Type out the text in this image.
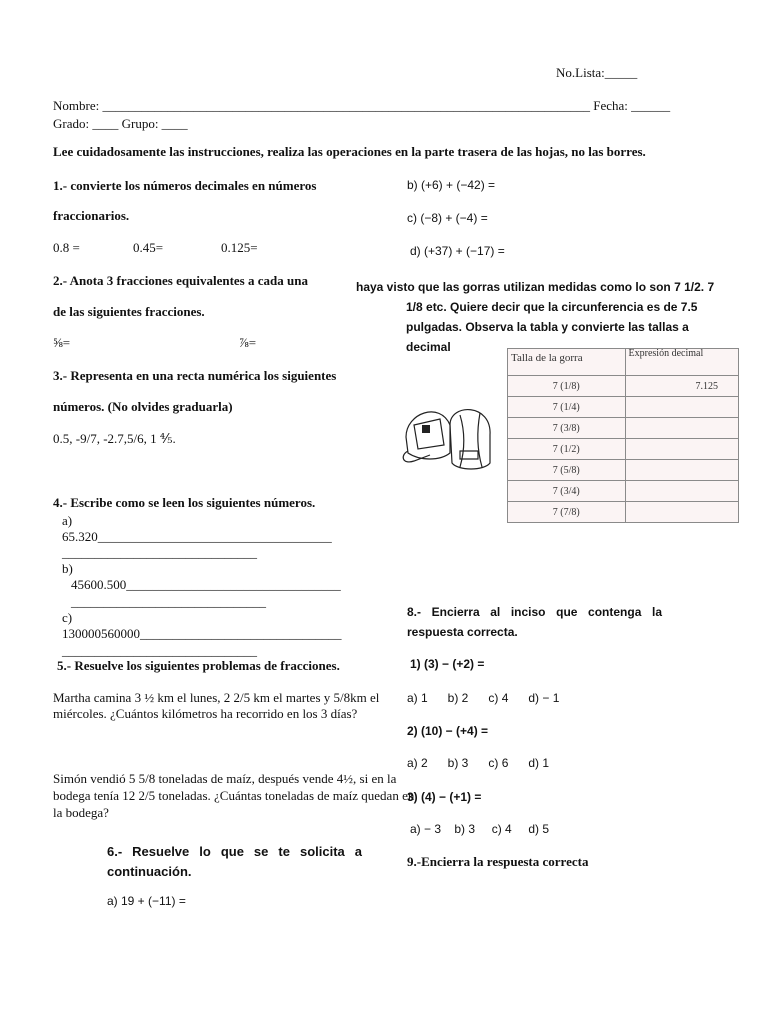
No.Lista:_____
Nombre: ___________________________________________________________________________ Fecha: ______
Grado: ____ Grupo: ____
Lee cuidadosamente las instrucciones, realiza las operaciones en la parte trasera de las hojas, no las borres.
1.- convierte los números decimales en números
fraccionarios.
0.8 =	0.45=	0.125=
2.- Anota 3 fracciones equivalentes a cada una
de las siguientes fracciones.
⅝=	⅞=
3.- Representa en una recta numérica los siguientes
números. (No olvides graduarla)
0.5, -9/7, -2.7,5/6, 1 ⅘.
4.- Escribe como se leen los siguientes números.
a)
65.320____________________________________
______________________________
b)
45600.500_________________________________
______________________________
c)
130000560000_______________________________
______________________________
5.- Resuelve los siguientes problemas de fracciones.
Martha camina 3 ½ km el lunes, 2 2/5 km el martes y 5/8km el miércoles. ¿Cuántos kilómetros ha recorrido en los 3 días?
Simón vendió 5 5/8 toneladas de maíz, después vende 4½, si en la bodega tenía 12 2/5 toneladas. ¿Cuántas toneladas de maíz quedan en la bodega?
6.- Resuelve lo que se te solicita a continuación.
a) 19 + (−11) =
b) (+6) + (−42) =
c) (−8) + (−4) =
d) (+37) + (−17) =
haya visto que las gorras utilizan medidas como lo son 7 1/2. 7 1/8 etc. Quiere decir que la circunferencia es de 7.5 pulgadas. Observa la tabla y convierte las tallas a decimal
Talla de la gorra	Expresión decimal
7 (1/8)	7.125
7 (1/4)	
7 (3/8)	
7 (1/2)	
7 (5/8)	
7 (3/4)	
7 (7/8)	
8.- Encierra al inciso que contenga la respuesta correcta.
1) (3) − (+2) =
a) 1      b) 2      c) 4      d) − 1
2) (10) − (+4) =
a) 2      b) 3      c) 6      d) 1
3) (4) − (+1) =
a) − 3    b) 3     c) 4     d) 5
9.-Encierra la respuesta correcta
